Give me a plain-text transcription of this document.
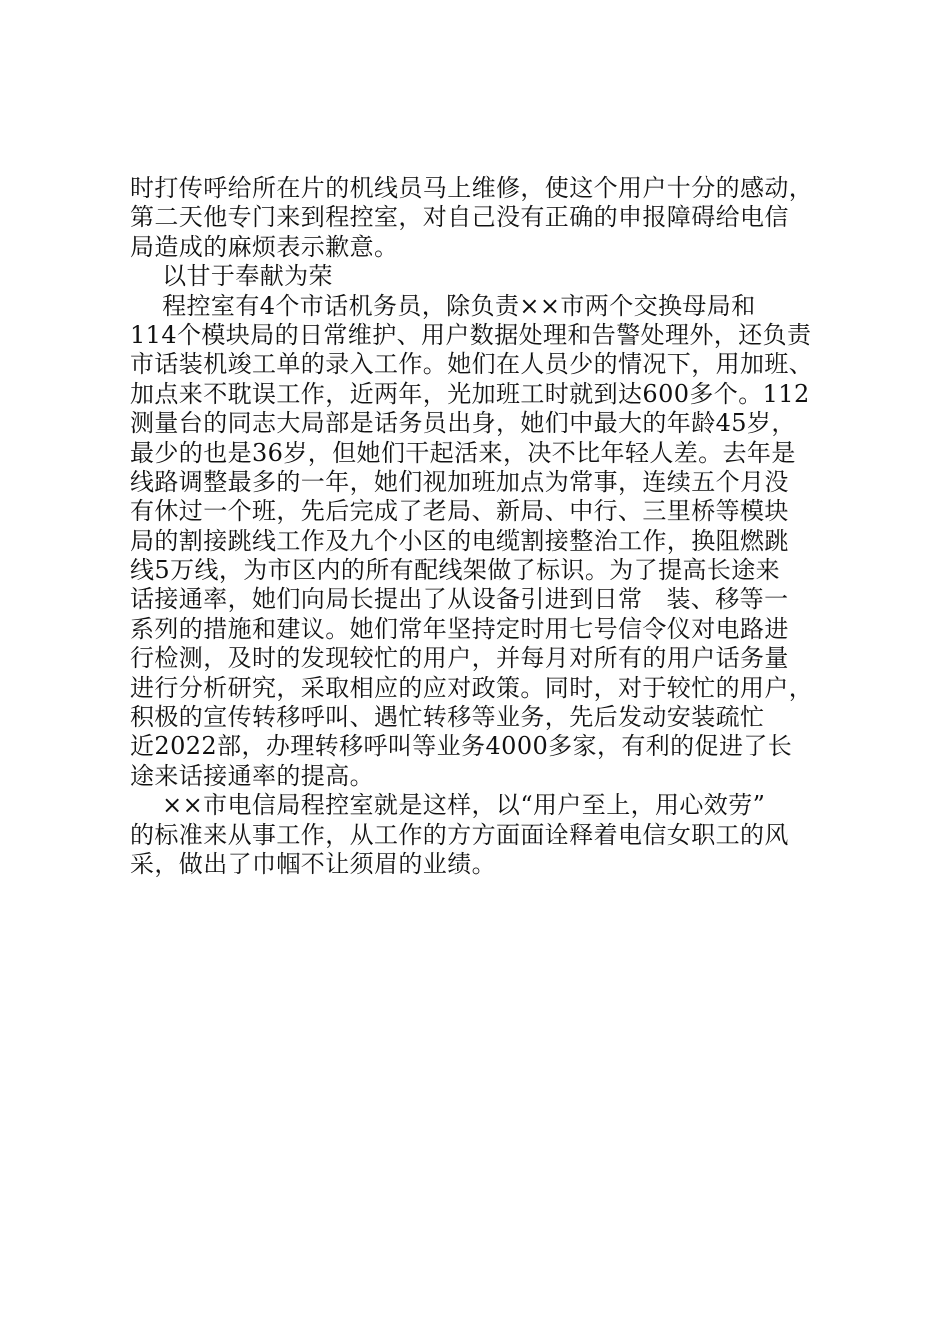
时打传呼给所在片的机线员马上维修，使这个用户十分的感动，
第二天他专门来到程控室，对自己没有正确的申报障碍给电信
局造成的麻烦表示歉意。
以甘于奉献为荣
程控室有4个市话机务员，除负责××市两个交换母局和
114个模块局的日常维护、用户数据处理和告警处理外，还负责
市话装机竣工单的录入工作。她们在人员少的情况下，用加班、
加点来不耽误工作，近两年，光加班工时就到达600多个。112
测量台的同志大局部是话务员出身，她们中最大的年龄45岁，
最少的也是36岁，但她们干起活来，决不比年轻人差。去年是
线路调整最多的一年，她们视加班加点为常事，连续五个月没
有休过一个班，先后完成了老局、新局、中行、三里桥等模块
局的割接跳线工作及九个小区的电缆割接整治工作，换阻燃跳
线5万线，为市区内的所有配线架做了标识。为了提高长途来
话接通率，她们向局长提出了从设备引进到日常   装、移等一
系列的措施和建议。她们常年坚持定时用七号信令仪对电路进
行检测，及时的发现较忙的用户，并每月对所有的用户话务量
进行分析研究，采取相应的应对政策。同时，对于较忙的用户，
积极的宣传转移呼叫、遇忙转移等业务，先后发动安装疏忙
近2022部，办理转移呼叫等业务4000多家，有利的促进了长
途来话接通率的提高。
××市电信局程控室就是这样，以“用户至上，用心效劳”
的标准来从事工作，从工作的方方面面诠释着电信女职工的风
采，做出了巾帼不让须眉的业绩。
